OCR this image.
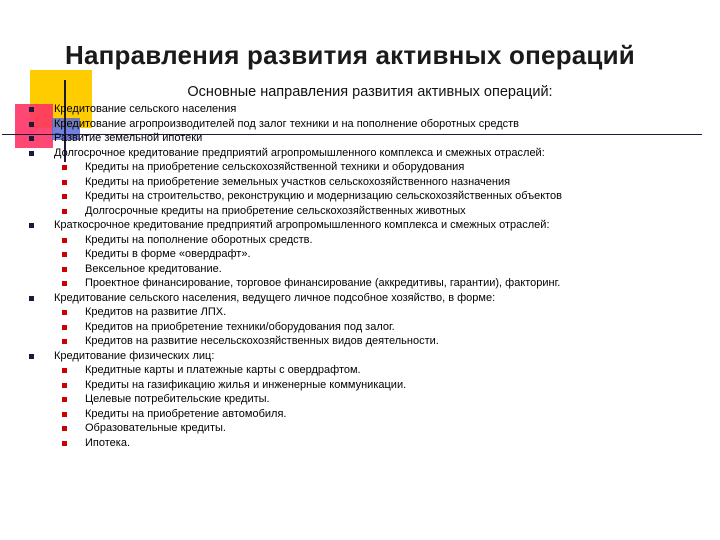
Направления развития активных операций
Основные направления развития активных операций:
Кредитование сельского населения
Кредитование агропроизводителей под залог техники и на пополнение оборотных средств
Развитие земельной ипотеки
Долгосрочное кредитование предприятий агропромышленного комплекса и смежных отраслей:
Кредиты на приобретение сельскохозяйственной техники и оборудования
Кредиты на приобретение земельных участков сельскохозяйственного назначения
Кредиты на строительство, реконструкцию и модернизацию сельскохозяйственных объектов
Долгосрочные кредиты на приобретение сельскохозяйственных животных
Краткосрочное кредитование предприятий агропромышленного комплекса и смежных отраслей:
Кредиты на пополнение оборотных средств.
Кредиты в форме «овердрафт».
Вексельное кредитование.
Проектное финансирование, торговое финансирование (аккредитивы, гарантии), факторинг.
Кредитование сельского населения, ведущего личное подсобное хозяйство, в форме:
Кредитов на развитие ЛПХ.
Кредитов на приобретение техники/оборудования под залог.
Кредитов на развитие несельскохозяйственных видов деятельности.
Кредитование физических лиц:
Кредитные карты и платежные карты с овердрафтом.
Кредиты на газификацию жилья и инженерные коммуникации.
Целевые потребительские кредиты.
Кредиты на приобретение автомобиля.
Образовательные кредиты.
Ипотека.
